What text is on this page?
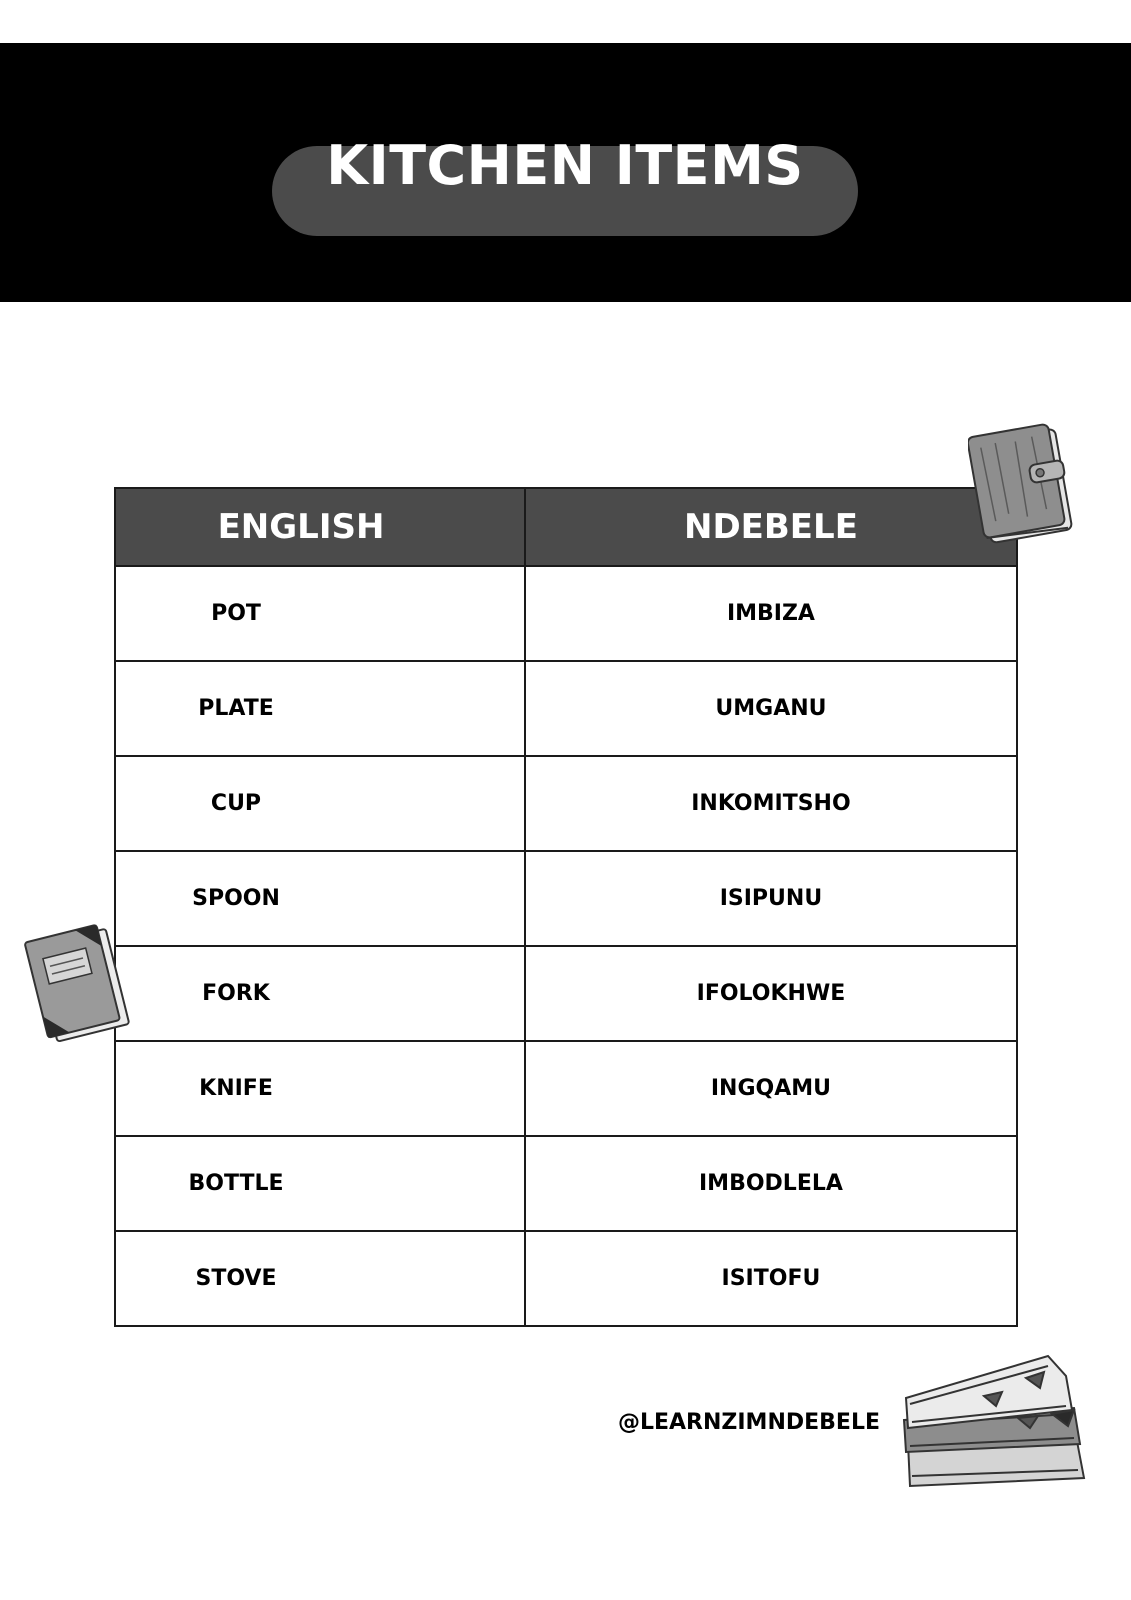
KITCHEN ITEMS
ENGLISH	NDEBELE

POT	IMBIZA

PLATE	UMGANU

CUP	INKOMITSHO

SPOON	ISIPUNU

FORK	IFOLOKHWE

KNIFE	INGQAMU

BOTTLE	IMBODLELA

STOVE	ISITOFU
@LEARNZIMNDEBELE
